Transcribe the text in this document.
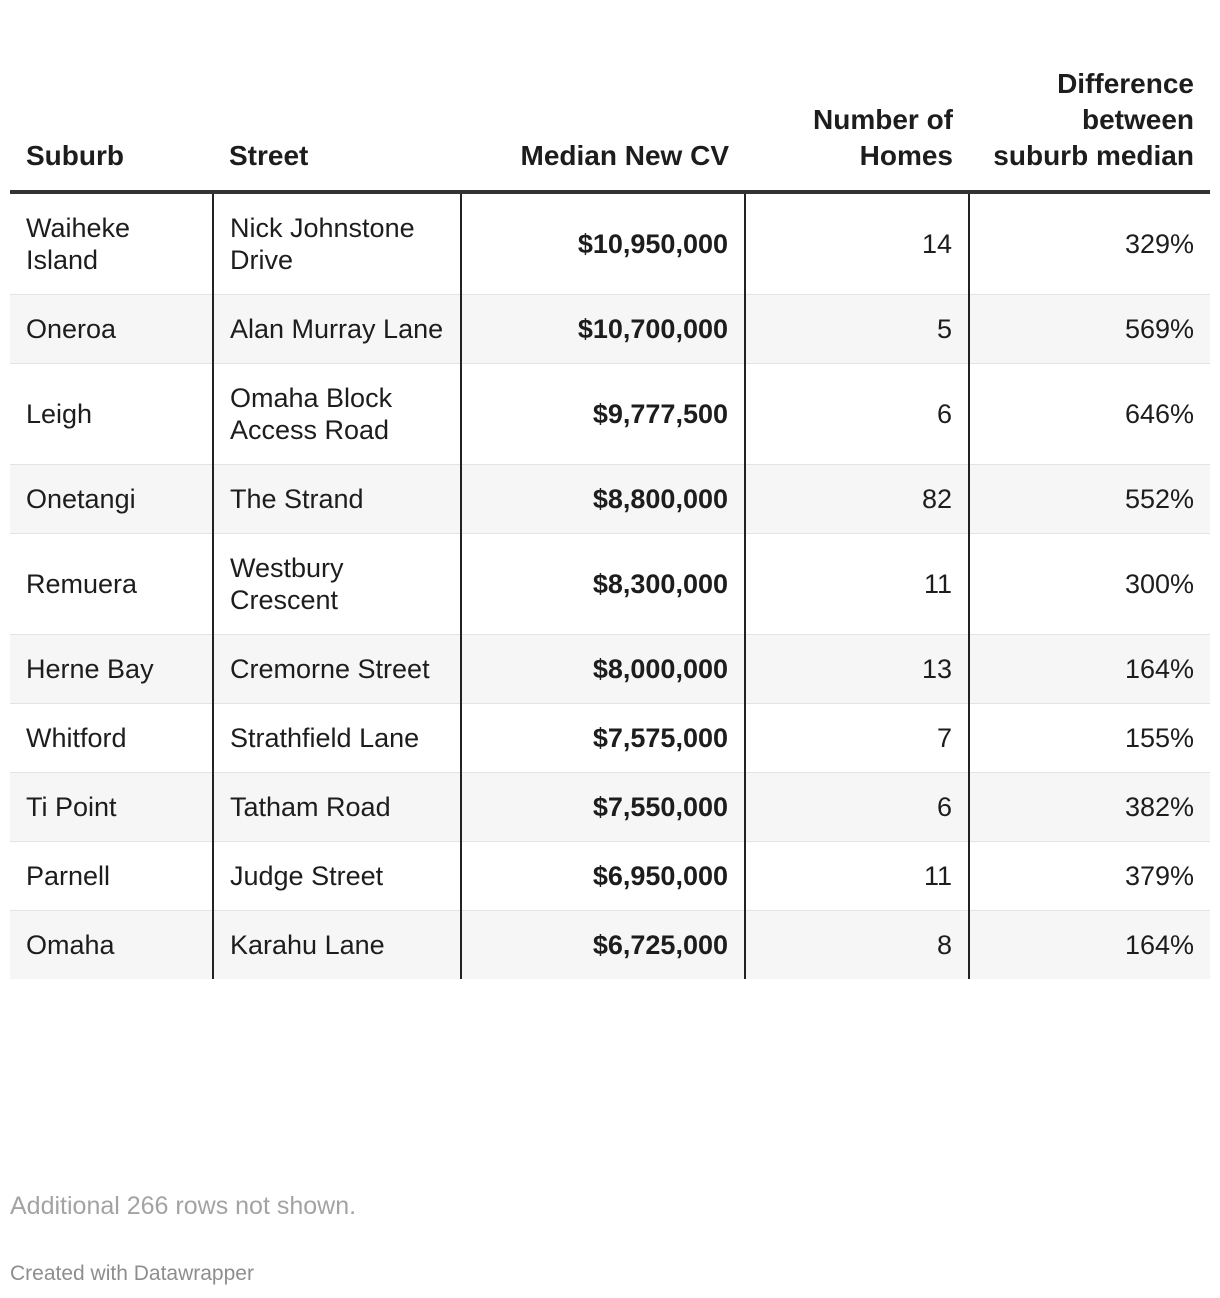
Suburb	Street	Median New CV	Number of Homes	Difference between suburb median
Waiheke Island	Nick Johnstone Drive	$10,950,000	14	329%
Oneroa	Alan Murray Lane	$10,700,000	5	569%
Leigh	Omaha Block Access Road	$9,777,500	6	646%
Onetangi	The Strand	$8,800,000	82	552%
Remuera	Westbury Crescent	$8,300,000	11	300%
Herne Bay	Cremorne Street	$8,000,000	13	164%
Whitford	Strathfield Lane	$7,575,000	7	155%
Ti Point	Tatham Road	$7,550,000	6	382%
Parnell	Judge Street	$6,950,000	11	379%
Omaha	Karahu Lane	$6,725,000	8	164%
Additional 266 rows not shown.
Created with Datawrapper
